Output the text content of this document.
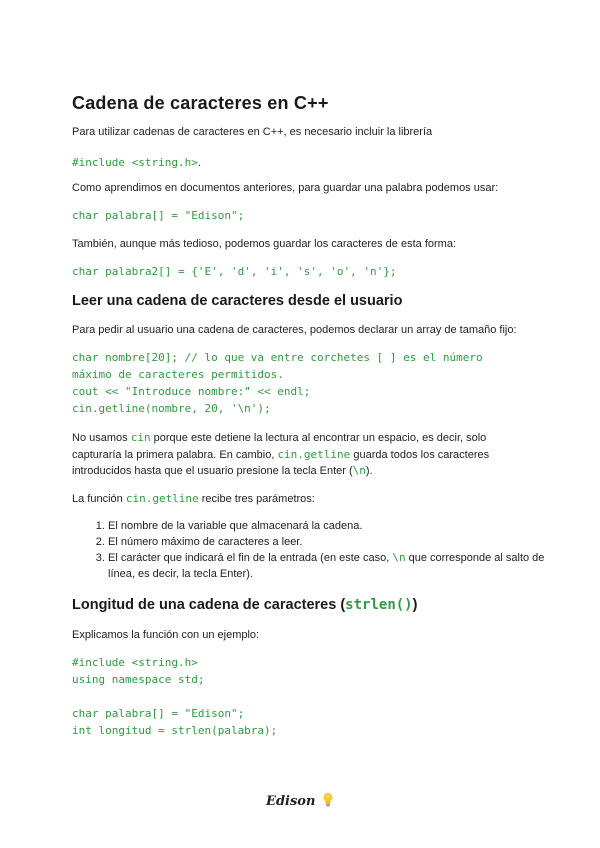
Cadena de caracteres en C++
Para utilizar cadenas de caracteres en C++, es necesario incluir la librería
#include <string.h>.
Como aprendimos en documentos anteriores, para guardar una palabra podemos usar:
char palabra[] = "Edison";
También, aunque más tedioso, podemos guardar los caracteres de esta forma:
char palabra2[] = {'E', 'd', 'i', 's', 'o', 'n'};
Leer una cadena de caracteres desde el usuario
Para pedir al usuario una cadena de caracteres, podemos declarar un array de tamaño fijo:
char nombre[20]; // lo que va entre corchetes [ ] es el número
máximo de caracteres permitidos.
cout << "Introduce nombre:" << endl;
cin.getline(nombre, 20, '\n');
No usamos cin porque este detiene la lectura al encontrar un espacio, es decir, solo capturaría la primera palabra. En cambio, cin.getline guarda todos los caracteres introducidos hasta que el usuario presione la tecla Enter (\n).
La función cin.getline recibe tres parámetros:
1. El nombre de la variable que almacenará la cadena.
2. El número máximo de caracteres a leer.
3. El carácter que indicará el fin de la entrada (en este caso, \n que corresponde al salto de línea, es decir, la tecla Enter).
Longitud de una cadena de caracteres (strlen())
Explicamos la función con un ejemplo:
#include <string.h>
using namespace std;

char palabra[] = "Edison";
int longitud = strlen(palabra);
Edison
